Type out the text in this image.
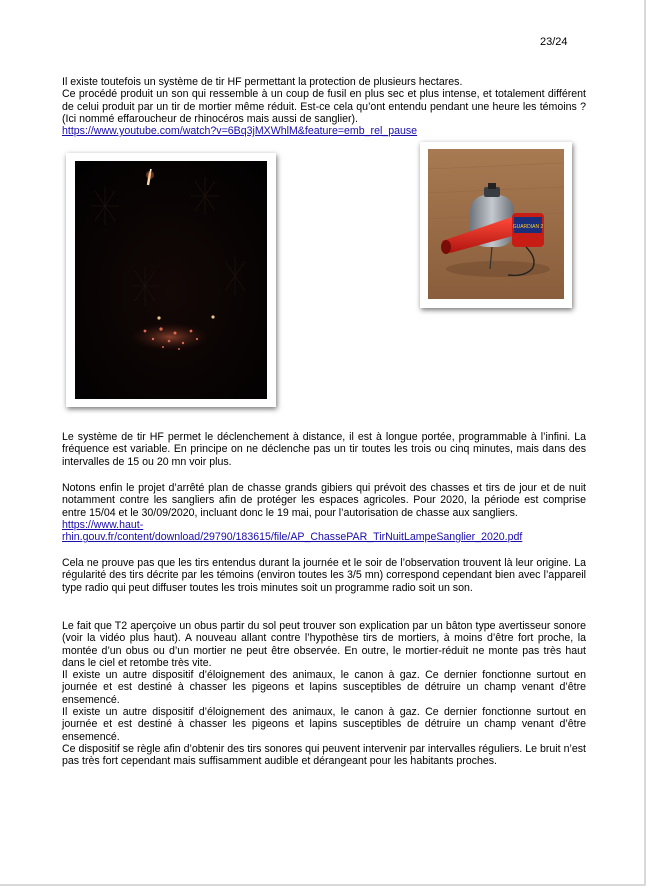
23/24

Il existe toutefois un système de tir HF permettant la protection de plusieurs hectares.

Ce procédé produit un son qui ressemble à un coup de fusil en plus sec et plus intense, et totalement différent de celui produit par un tir de mortier même réduit. Est-ce cela qu’ont entendu pendant une heure les témoins ? (Ici nommé effaroucheur de rhinocéros mais aussi de sanglier).

https://www.youtube.com/watch?v=6Bq3jMXWhlM&feature=emb_rel_pause

GUARDIAN 2

Le système de tir HF permet le déclenchement à distance, il est à longue portée, programmable à l’infini. La fréquence est variable. En principe on ne déclenche pas un tir toutes les trois ou cinq minutes, mais dans des intervalles de 15 ou 20 mn voir plus.

Notons enfin le projet d’arrêté plan de chasse grands gibiers qui prévoit des chasses et tirs de jour et de nuit notamment contre les sangliers afin de protéger les espaces agricoles. Pour 2020, la période est comprise entre 15/04 et le 30/09/2020, incluant donc le 19 mai, pour l’autorisation de chasse aux sangliers.

https://www.haut-

rhin.gouv.fr/content/download/29790/183615/file/AP_ChassePAR_TirNuitLampeSanglier_2020.pdf

Cela ne prouve pas que les tirs entendus durant la journée et le soir de l’observation trouvent là leur origine. La régularité des tirs décrite par les témoins (environ toutes les 3/5 mn) correspond cependant bien avec l’appareil type radio qui peut diffuser toutes les trois minutes soit un programme radio soit un son.

Le fait que T2 aperçoive un obus partir du sol peut trouver son explication par un bâton type avertisseur sonore (voir la vidéo plus haut). A nouveau allant contre l’hypothèse tirs de mortiers, à moins d’être fort proche, la montée d’un obus ou d’un mortier ne peut être observée. En outre, le mortier-réduit ne monte pas très haut dans le ciel et retombe très vite.

Il existe un autre dispositif d’éloignement des animaux, le canon à gaz. Ce dernier fonctionne surtout en journée et est destiné à chasser les pigeons et lapins susceptibles de détruire un champ venant d’être ensemencé.

Il existe un autre dispositif d’éloignement des animaux, le canon à gaz. Ce dernier fonctionne surtout en journée et est destiné à chasser les pigeons et lapins susceptibles de détruire un champ venant d’être ensemencé.

Ce dispositif se règle afin d’obtenir des tirs sonores qui peuvent intervenir par intervalles réguliers. Le bruit n’est pas très fort cependant mais suffisamment audible et dérangeant pour les habitants proches.
